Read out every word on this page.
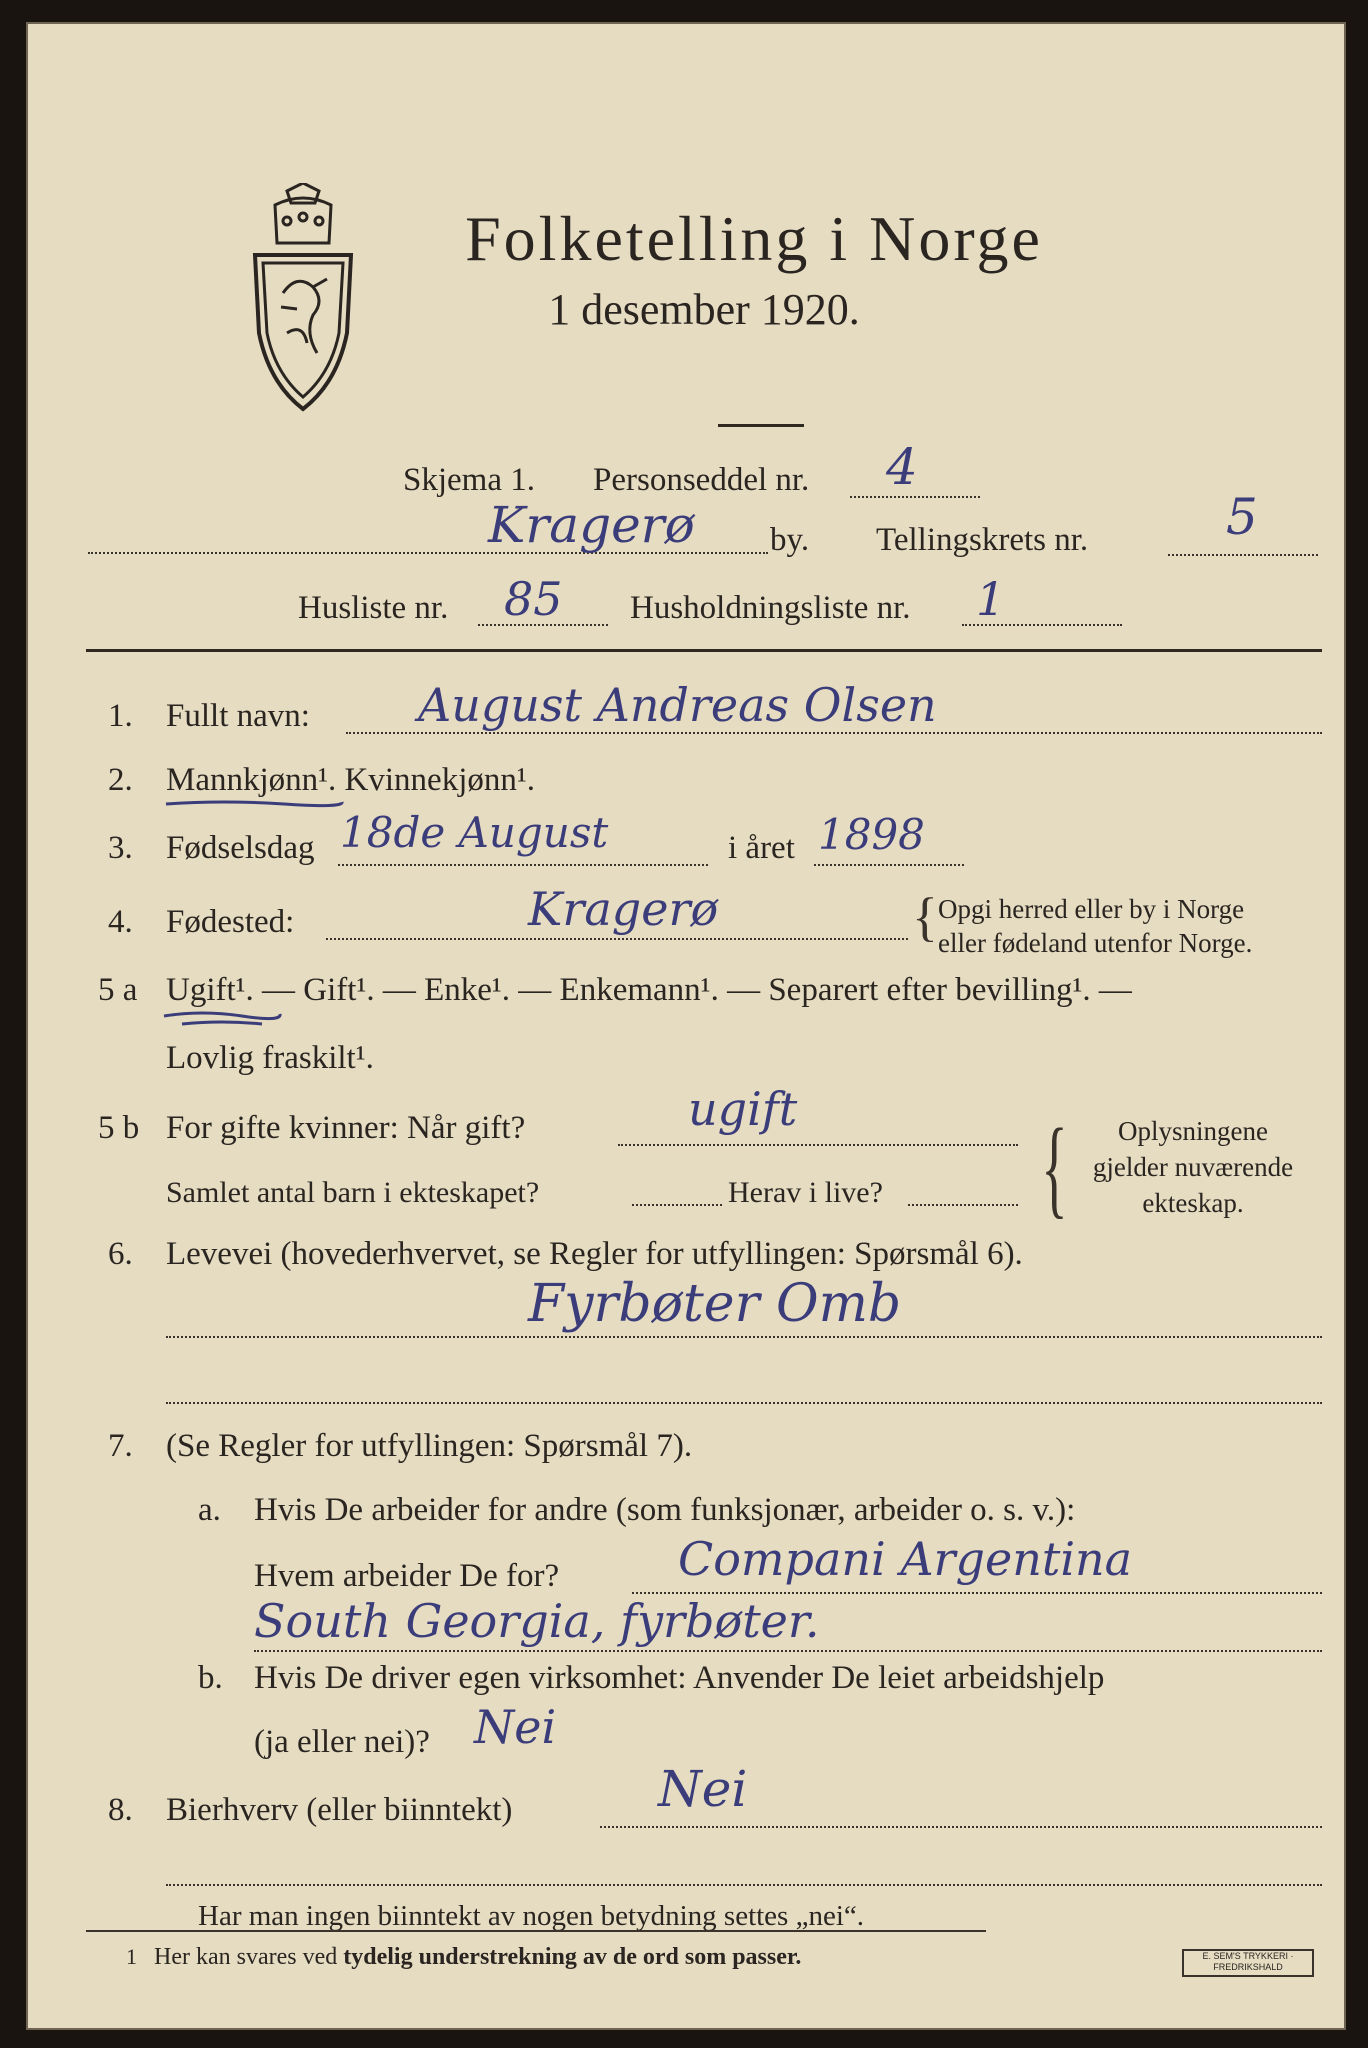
Folketelling i Norge
1 desember 1920.
Skjema 1. Personseddel nr. 4
Kragerø by. Tellingskrets nr.	5
Husliste nr. 85 Husholdningsliste nr. 1
1. Fullt navn: August Andreas Olsen
2. Mannkjønn¹. Kvinnekjønn¹.
3. Fødselsdag 18de August	i året 1898
4. Fødested:	Kragerø	{ Opgi herred eller by i Norge
eller fødeland utenfor Norge.
5 a Ugift¹. — Gift¹. — Enke¹. — Enkemann¹. — Separert efter bevilling¹. —
Lovlig fraskilt¹.
5 b For gifte kvinner: Når gift?	ugift
Samlet antal barn i ekteskapet?	Herav i live? {	Oplysningene
gjelder nuværende
ekteskap.
6. Levevei (hovederhvervet, se Regler for utfyllingen: Spørsmål 6).
Fyrbøter Omb
7. (Se Regler for utfyllingen: Spørsmål 7).
a. Hvis De arbeider for andre (som funksjonær, arbeider o. s. v.):
Hvem arbeider De for?	Compani Argentina
South Georgia, fyrbøter.
b. Hvis De driver egen virksomhet: Anvender De leiet arbeidshjelp
(ja eller nei)? Nei
8. Bierhverv (eller biinntekt)	Nei
Har man ingen biinntekt av nogen betydning settes „nei“.
1 Her kan svares ved tydelig understrekning av de ord som passer.	E. SEM'S TRYKKERI · FREDRIKSHALD
